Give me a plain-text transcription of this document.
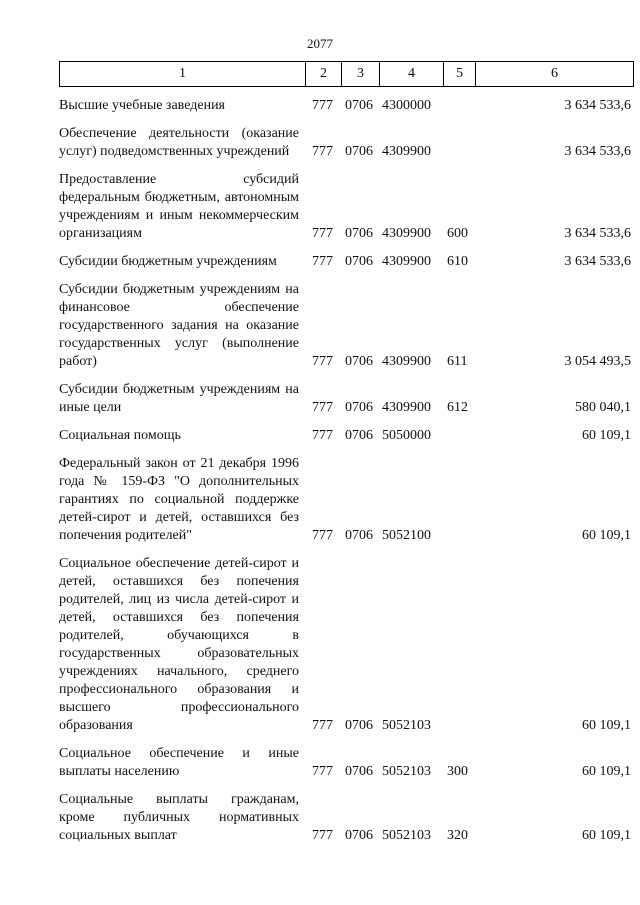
2077
1	2	3	4	5	6
Высшие учебные заведения	777	0706	4300000		3 634 533,6
Обеспечение деятельности (оказание услуг) подведомственных учреждений	777	0706	4309900		3 634 533,6
Предоставление субсидий федеральным бюджетным, автономным учреждениям и иным некоммерческим организациям	777	0706	4309900	600	3 634 533,6
Субсидии бюджетным учреждениям	777	0706	4309900	610	3 634 533,6
Субсидии бюджетным учреждениям на финансовое обеспечение государственного задания на оказание государственных услуг (выполнение работ)	777	0706	4309900	611	3 054 493,5
Субсидии бюджетным учреждениям на иные цели	777	0706	4309900	612	580 040,1
Социальная помощь	777	0706	5050000		60 109,1
Федеральный закон от 21 декабря 1996 года № 159-ФЗ "О дополнительных гарантиях по социальной поддержке детей-сирот и детей, оставшихся без попечения родителей"	777	0706	5052100		60 109,1
Социальное обеспечение детей-сирот и детей, оставшихся без попечения родителей, лиц из числа детей-сирот и детей, оставшихся без попечения родителей, обучающихся в государственных образовательных учреждениях начального, среднего профессионального образования и высшего профессионального образования	777	0706	5052103		60 109,1
Социальное обеспечение и иные выплаты населению	777	0706	5052103	300	60 109,1
Социальные выплаты гражданам, кроме публичных нормативных социальных выплат	777	0706	5052103	320	60 109,1
